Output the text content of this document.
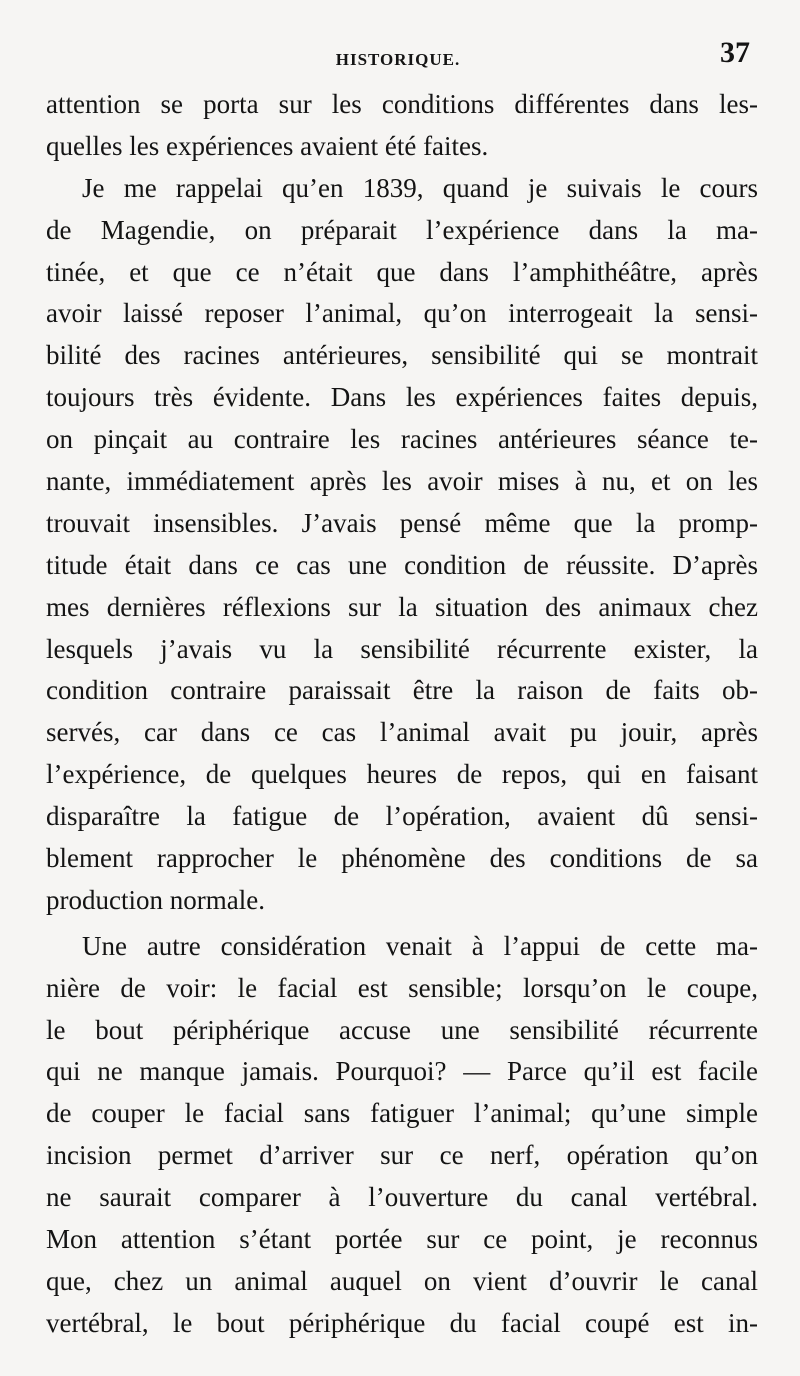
HISTORIQUE.	37
attention se porta sur les conditions différentes dans les-
quelles les expériences avaient été faites.
Je me rappelai qu’en 1839, quand je suivais le cours
de Magendie, on préparait l’expérience dans la ma-
tinée, et que ce n’était que dans l’amphithéâtre, après
avoir laissé reposer l’animal, qu’on interrogeait la sensi-
bilité des racines antérieures, sensibilité qui se montrait
toujours très évidente. Dans les expériences faites depuis,
on pinçait au contraire les racines antérieures séance te-
nante, immédiatement après les avoir mises à nu, et on les
trouvait insensibles. J’avais pensé même que la promp-
titude était dans ce cas une condition de réussite. D’après
mes dernières réflexions sur la situation des animaux chez
lesquels j’avais vu la sensibilité récurrente exister, la
condition contraire paraissait être la raison de faits ob-
servés, car dans ce cas l’animal avait pu jouir, après
l’expérience, de quelques heures de repos, qui en faisant
disparaître la fatigue de l’opération, avaient dû sensi-
blement rapprocher le phénomène des conditions de sa
production normale.
Une autre considération venait à l’appui de cette ma-
nière de voir: le facial est sensible; lorsqu’on le coupe,
le bout périphérique accuse une sensibilité récurrente
qui ne manque jamais. Pourquoi? — Parce qu’il est facile
de couper le facial sans fatiguer l’animal; qu’une simple
incision permet d’arriver sur ce nerf, opération qu’on
ne saurait comparer à l’ouverture du canal vertébral.
Mon attention s’étant portée sur ce point, je reconnus
que, chez un animal auquel on vient d’ouvrir le canal
vertébral, le bout périphérique du facial coupé est in-
